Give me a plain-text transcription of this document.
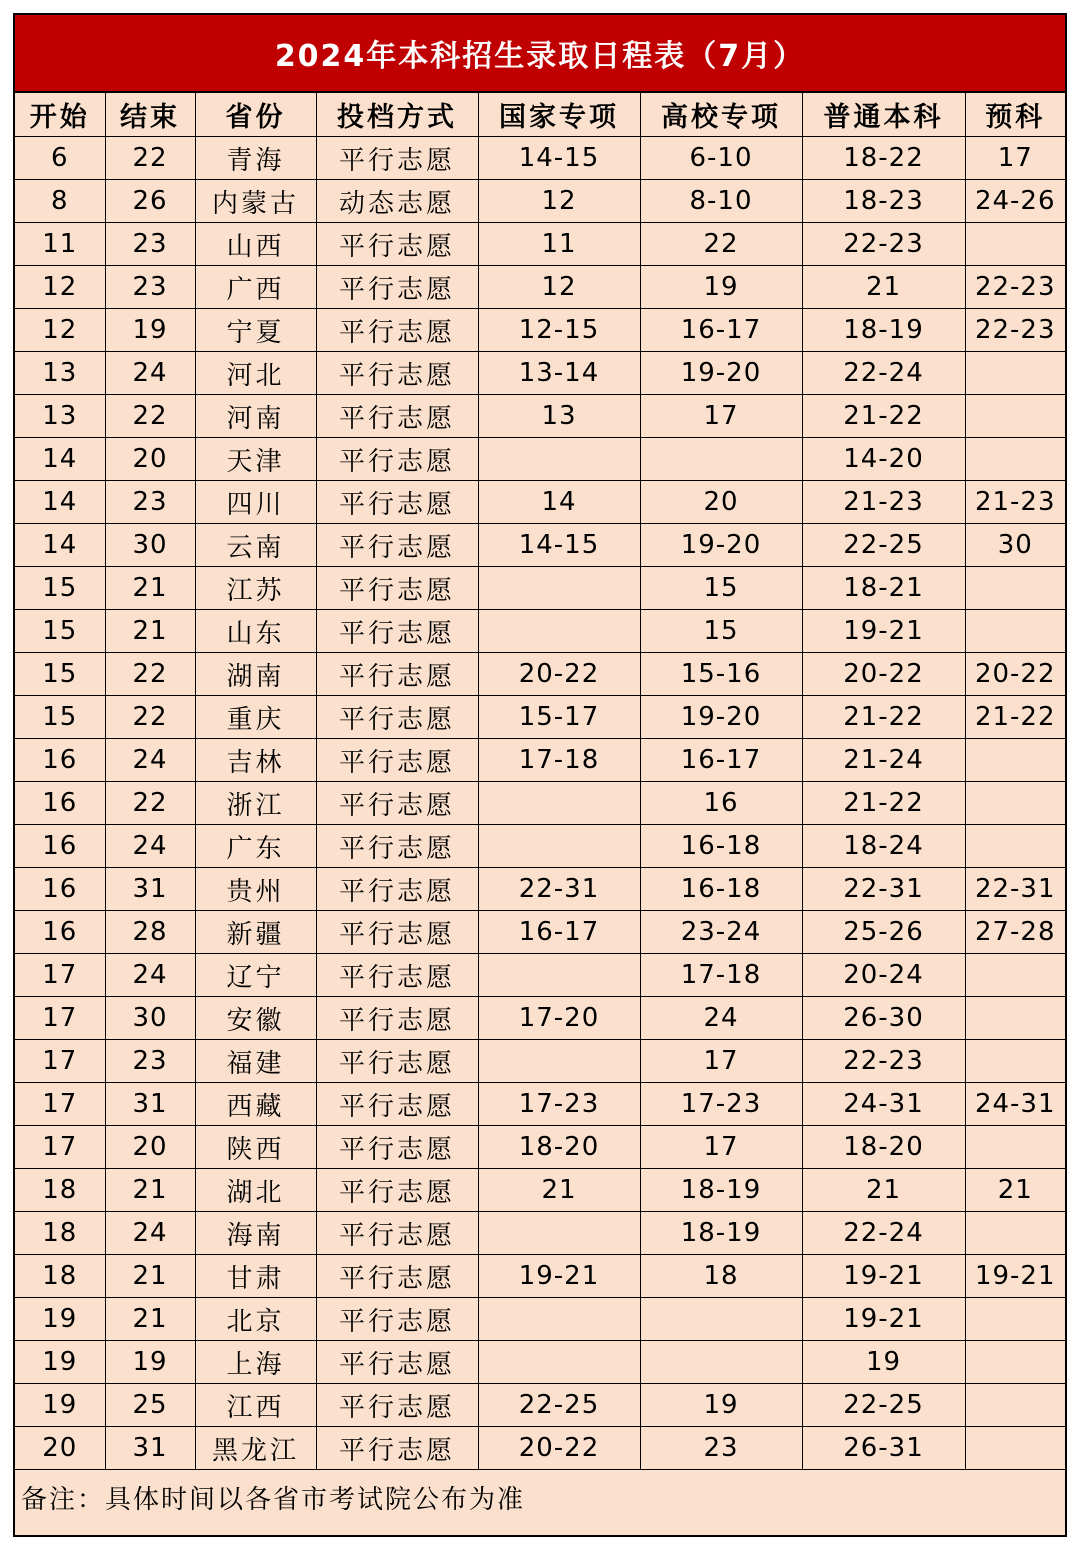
2024年本科招生录取日程表（7月）
开始	结束	省份	投档方式	国家专项	高校专项	普通本科	预科
6	22	青海	平行志愿	14-15	6-10	18-22	17
8	26	内蒙古	动态志愿	12	8-10	18-23	24-26
11	23	山西	平行志愿	11	22	22-23	
12	23	广西	平行志愿	12	19	21	22-23
12	19	宁夏	平行志愿	12-15	16-17	18-19	22-23
13	24	河北	平行志愿	13-14	19-20	22-24	
13	22	河南	平行志愿	13	17	21-22	
14	20	天津	平行志愿			14-20	
14	23	四川	平行志愿	14	20	21-23	21-23
14	30	云南	平行志愿	14-15	19-20	22-25	30
15	21	江苏	平行志愿		15	18-21	
15	21	山东	平行志愿		15	19-21	
15	22	湖南	平行志愿	20-22	15-16	20-22	20-22
15	22	重庆	平行志愿	15-17	19-20	21-22	21-22
16	24	吉林	平行志愿	17-18	16-17	21-24	
16	22	浙江	平行志愿		16	21-22	
16	24	广东	平行志愿		16-18	18-24	
16	31	贵州	平行志愿	22-31	16-18	22-31	22-31
16	28	新疆	平行志愿	16-17	23-24	25-26	27-28
17	24	辽宁	平行志愿		17-18	20-24	
17	30	安徽	平行志愿	17-20	24	26-30	
17	23	福建	平行志愿		17	22-23	
17	31	西藏	平行志愿	17-23	17-23	24-31	24-31
17	20	陕西	平行志愿	18-20	17	18-20	
18	21	湖北	平行志愿	21	18-19	21	21
18	24	海南	平行志愿		18-19	22-24	
18	21	甘肃	平行志愿	19-21	18	19-21	19-21
19	21	北京	平行志愿			19-21	
19	19	上海	平行志愿			19	
19	25	江西	平行志愿	22-25	19	22-25	
20	31	黑龙江	平行志愿	20-22	23	26-31	
备注：具体时间以各省市考试院公布为准
